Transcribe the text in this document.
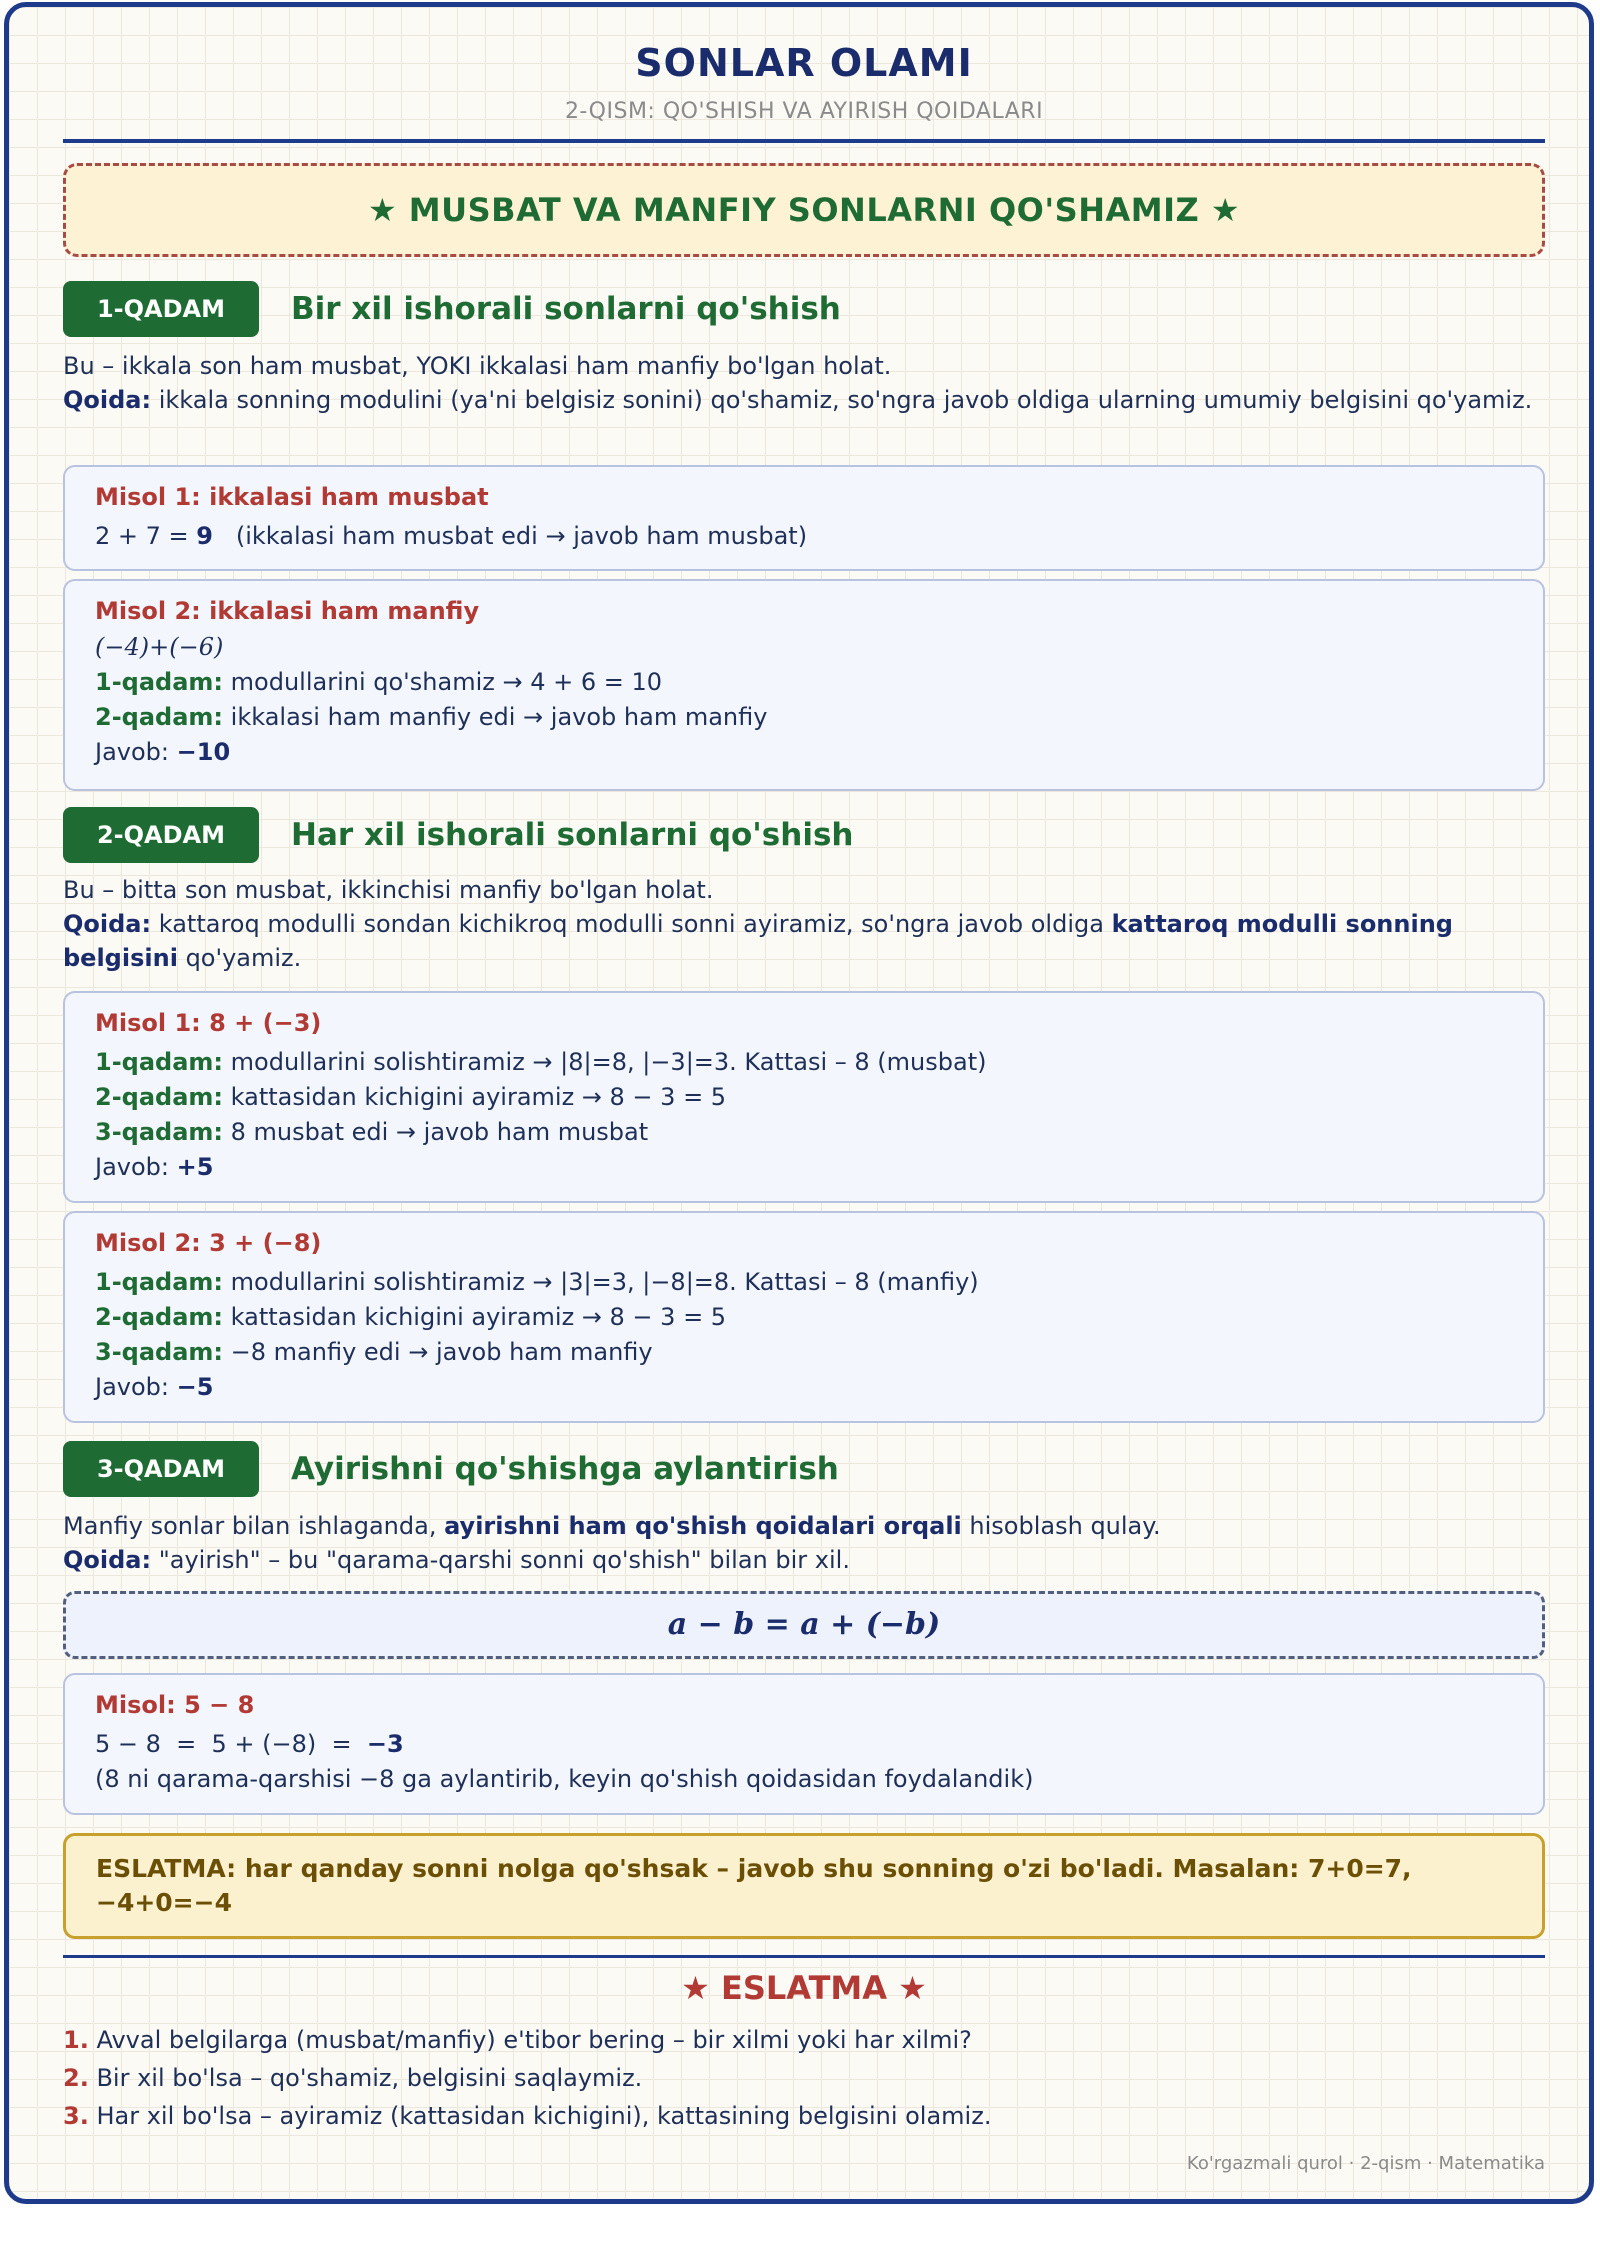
SONLAR OLAMI
2-QISM: QO'SHISH VA AYIRISH QOIDALARI
★ MUSBAT VA MANFIY SONLARNI QO'SHAMIZ ★
1-QADAM	Bir xil ishorali sonlarni qo'shish
Bu – ikkala son ham musbat, YOKI ikkalasi ham manfiy bo'lgan holat.
Qoida: ikkala sonning modulini (ya'ni belgisiz sonini) qo'shamiz, so'ngra javob oldiga ularning umumiy belgisini qo'yamiz.
Misol 1: ikkalasi ham musbat
2 + 7 = 9 (ikkalasi ham musbat edi → javob ham musbat)
Misol 2: ikkalasi ham manfiy
(−4)+(−6)
1-qadam: modullarini qo'shamiz → 4 + 6 = 10
2-qadam: ikkalasi ham manfiy edi → javob ham manfiy
Javob: −10
2-QADAM	Har xil ishorali sonlarni qo'shish
Bu – bitta son musbat, ikkinchisi manfiy bo'lgan holat.
Qoida: kattaroq modulli sondan kichikroq modulli sonni ayiramiz, so'ngra javob oldiga kattaroq modulli sonning belgisini qo'yamiz.
Misol 1: 8 + (−3)
1-qadam: modullarini solishtiramiz → |8|=8, |−3|=3. Kattasi – 8 (musbat)
2-qadam: kattasidan kichigini ayiramiz → 8 − 3 = 5
3-qadam: 8 musbat edi → javob ham musbat
Javob: +5
Misol 2: 3 + (−8)
1-qadam: modullarini solishtiramiz → |3|=3, |−8|=8. Kattasi – 8 (manfiy)
2-qadam: kattasidan kichigini ayiramiz → 8 − 3 = 5
3-qadam: −8 manfiy edi → javob ham manfiy
Javob: −5
3-QADAM	Ayirishni qo'shishga aylantirish
Manfiy sonlar bilan ishlaganda, ayirishni ham qo'shish qoidalari orqali hisoblash qulay.
Qoida: "ayirish" – bu "qarama-qarshi sonni qo'shish" bilan bir xil.
a − b = a + (−b)
Misol: 5 − 8
5 − 8  =  5 + (−8)  =  −3
(8 ni qarama-qarshisi −8 ga aylantirib, keyin qo'shish qoidasidan foydalandik)
ESLATMA: har qanday sonni nolga qo'shsak – javob shu sonning o'zi bo'ladi. Masalan: 7+0=7, −4+0=−4
★ ESLATMA ★
1. Avval belgilarga (musbat/manfiy) e'tibor bering – bir xilmi yoki har xilmi?
2. Bir xil bo'lsa – qo'shamiz, belgisini saqlaymiz.
3. Har xil bo'lsa – ayiramiz (kattasidan kichigini), kattasining belgisini olamiz.
Ko'rgazmali qurol · 2-qism · Matematika
